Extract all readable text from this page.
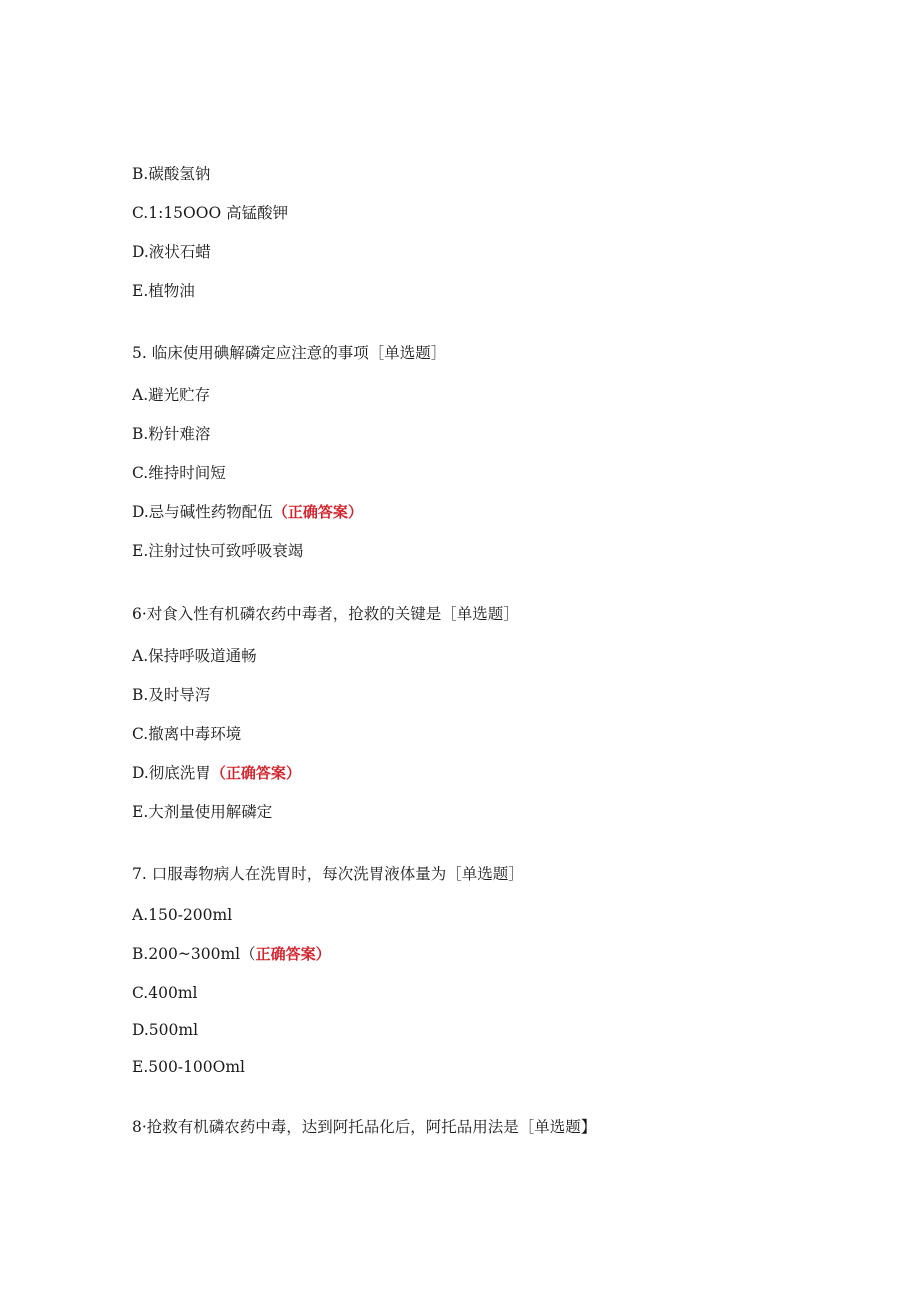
B.碳酸氢钠
C.1:15OOO 高锰酸钾
D.液状石蜡
E.植物油
5. 临床使用碘解磷定应注意的事项［单选题］
A.避光贮存
B.粉针难溶
C.维持时间短
D.忌与碱性药物配伍（正确答案）
E.注射过快可致呼吸衰竭
6·对食入性有机磷农药中毒者，抢救的关键是［单选题］
A.保持呼吸道通畅
B.及时导泻
C.撤离中毒环境
D.彻底洗胃（正确答案）
E.大剂量使用解磷定
7. 口服毒物病人在洗胃时，每次洗胃液体量为［单选题］
A.150-200ml
B.200~300ml（正确答案）
C.400ml
D.500ml
E.500-100Oml
8·抢救有机磷农药中毒，达到阿托品化后，阿托品用法是［单选题】
